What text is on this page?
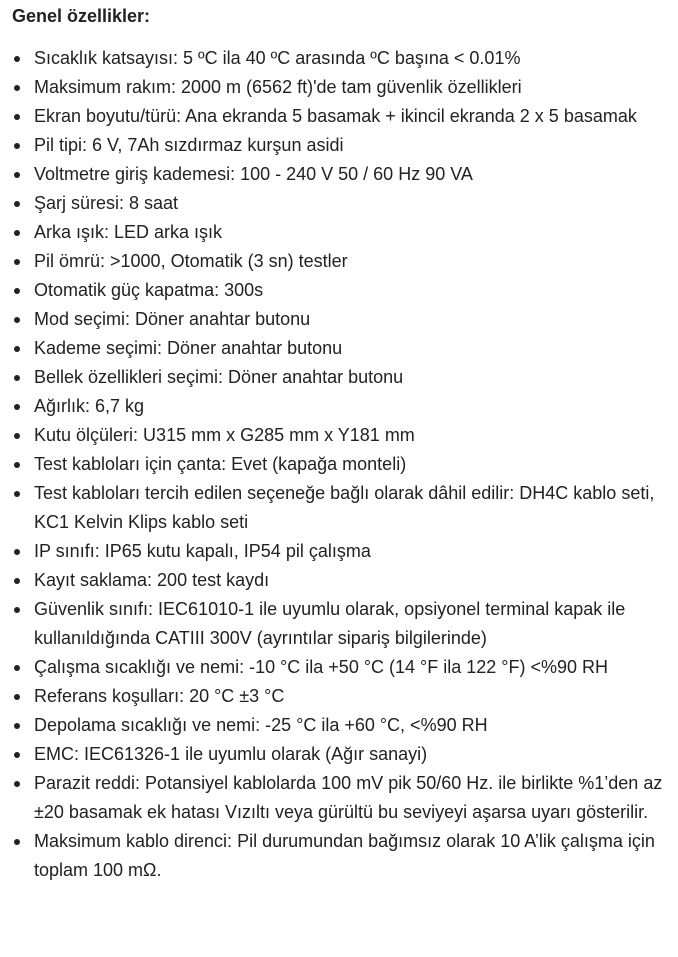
Genel özellikler:
Sıcaklık katsayısı: 5 ºC ila 40 ºC arasında ºC başına < 0.01%
Maksimum rakım: 2000 m (6562 ft)'de tam güvenlik özellikleri
Ekran boyutu/türü: Ana ekranda 5 basamak + ikincil ekranda 2 x 5 basamak
Pil tipi: 6 V, 7Ah sızdırmaz kurşun asidi
Voltmetre giriş kademesi: 100 - 240 V 50 / 60 Hz 90 VA
Şarj süresi: 8 saat
Arka ışık: LED arka ışık
Pil ömrü: >1000, Otomatik (3 sn) testler
Otomatik güç kapatma: 300s
Mod seçimi: Döner anahtar butonu
Kademe seçimi: Döner anahtar butonu
Bellek özellikleri seçimi: Döner anahtar butonu
Ağırlık: 6,7 kg
Kutu ölçüleri: U315 mm x G285 mm x Y181 mm
Test kabloları için çanta: Evet (kapağa monteli)
Test kabloları tercih edilen seçeneğe bağlı olarak dâhil edilir: DH4C kablo seti, KC1 Kelvin Klips kablo seti
IP sınıfı: IP65 kutu kapalı, IP54 pil çalışma
Kayıt saklama: 200 test kaydı
Güvenlik sınıfı: IEC61010-1 ile uyumlu olarak, opsiyonel terminal kapak ile kullanıldığında CATIII 300V (ayrıntılar sipariş bilgilerinde)
Çalışma sıcaklığı ve nemi: -10 °C ila +50 °C (14 °F ila 122 °F) <%90 RH
Referans koşulları: 20 °C ±3 °C
Depolama sıcaklığı ve nemi: -25 °C ila +60 °C, <%90 RH
EMC: IEC61326-1 ile uyumlu olarak (Ağır sanayi)
Parazit reddi: Potansiyel kablolarda 100 mV pik 50/60 Hz. ile birlikte %1’den az ±20 basamak ek hatası Vızıltı veya gürültü bu seviyeyi aşarsa uyarı gösterilir.
Maksimum kablo direnci: Pil durumundan bağımsız olarak 10 A’lik çalışma için toplam 100 mΩ.
